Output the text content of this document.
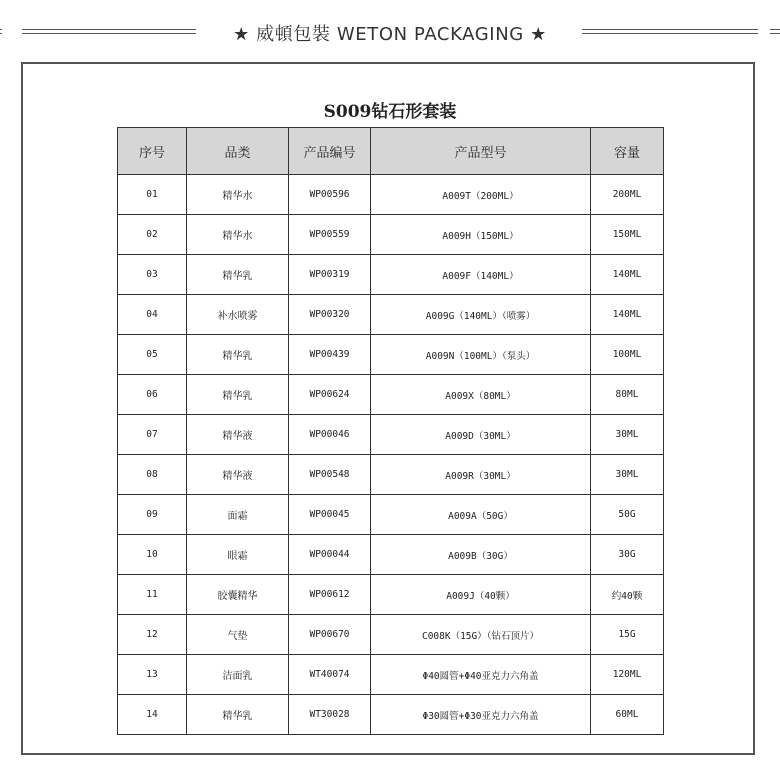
★ 威頓包裝 WETON PACKAGING ★
S009钻石形套装
序号	品类	产品编号	产品型号	容量
01	精华水	WP00596	A009T（200ML）	200ML
02	精华水	WP00559	A009H（150ML）	150ML
03	精华乳	WP00319	A009F（140ML）	140ML
04	补水喷雾	WP00320	A009G（140ML）（喷雾）	140ML
05	精华乳	WP00439	A009N（100ML）（泵头）	100ML
06	精华乳	WP00624	A009X（80ML）	80ML
07	精华液	WP00046	A009D（30ML）	30ML
08	精华液	WP00548	A009R（30ML）	30ML
09	面霜	WP00045	A009A（50G）	50G
10	眼霜	WP00044	A009B（30G）	30G
11	胶囊精华	WP00612	A009J（40颗）	约40颗
12	气垫	WP00670	C008K（15G）（钻石顶片）	15G
13	洁面乳	WT40074	Φ40圆管+Φ40亚克力六角盖	120ML
14	精华乳	WT30028	Φ30圆管+Φ30亚克力六角盖	60ML
